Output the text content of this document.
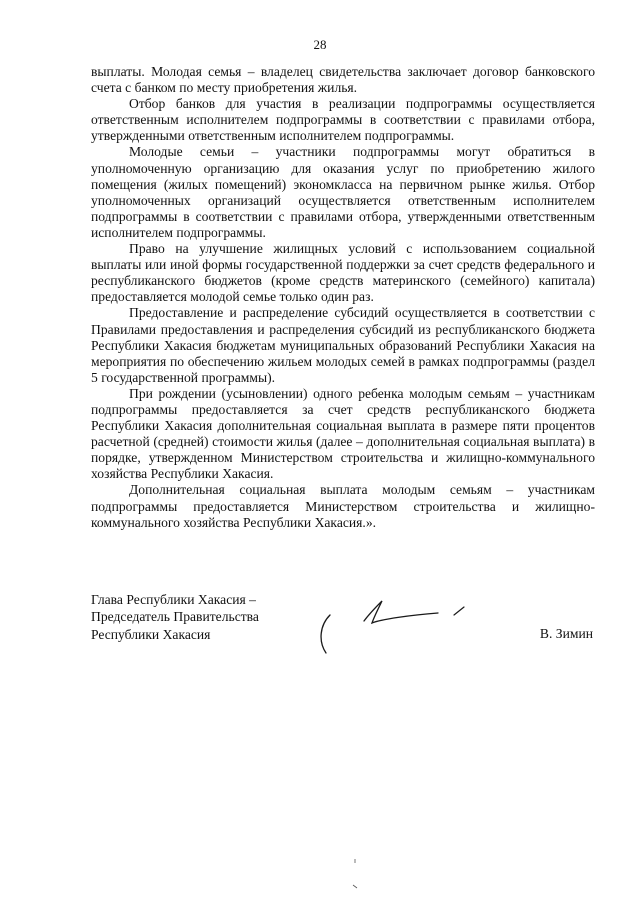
28

выплаты. Молодая семья – владелец свидетельства заключает договор банковского счета с банком по месту приобретения жилья.

Отбор банков для участия в реализации подпрограммы осуществляется ответственным исполнителем подпрограммы в соответствии с правилами отбора, утвержденными ответственным исполнителем подпрограммы.

Молодые семьи – участники подпрограммы могут обратиться в уполномоченную организацию для оказания услуг по приобретению жилого помещения (жилых помещений) экономкласса на первичном рынке жилья. Отбор уполномоченных организаций осуществляется ответственным исполнителем подпрограммы в соответствии с правилами отбора, утвержденными ответственным исполнителем подпрограммы.

Право на улучшение жилищных условий с использованием социальной выплаты или иной формы государственной поддержки за счет средств федерального и республиканского бюджетов (кроме средств материнского (семейного) капитала) предоставляется молодой семье только один раз.

Предоставление и распределение субсидий осуществляется в соответствии с Правилами предоставления и распределения субсидий из республиканского бюджета Республики Хакасия бюджетам муниципальных образований Республики Хакасия на мероприятия по обеспечению жильем молодых семей в рамках подпрограммы (раздел 5 государственной программы).

При рождении (усыновлении) одного ребенка молодым семьям – участникам подпрограммы предоставляется за счет средств республиканского бюджета Республики Хакасия дополнительная социальная выплата в размере пяти процентов расчетной (средней) стоимости жилья (далее – дополнительная социальная выплата) в порядке, утвержденном Министерством строительства и жилищно-коммунального хозяйства Республики Хакасия.

Дополнительная социальная выплата молодым семьям – участникам подпрограммы предоставляется Министерством строительства и жилищно-коммунального хозяйства Республики Хакасия.».

Глава Республики Хакасия –
Председатель Правительства
Республики Хакасия	В. Зимин
